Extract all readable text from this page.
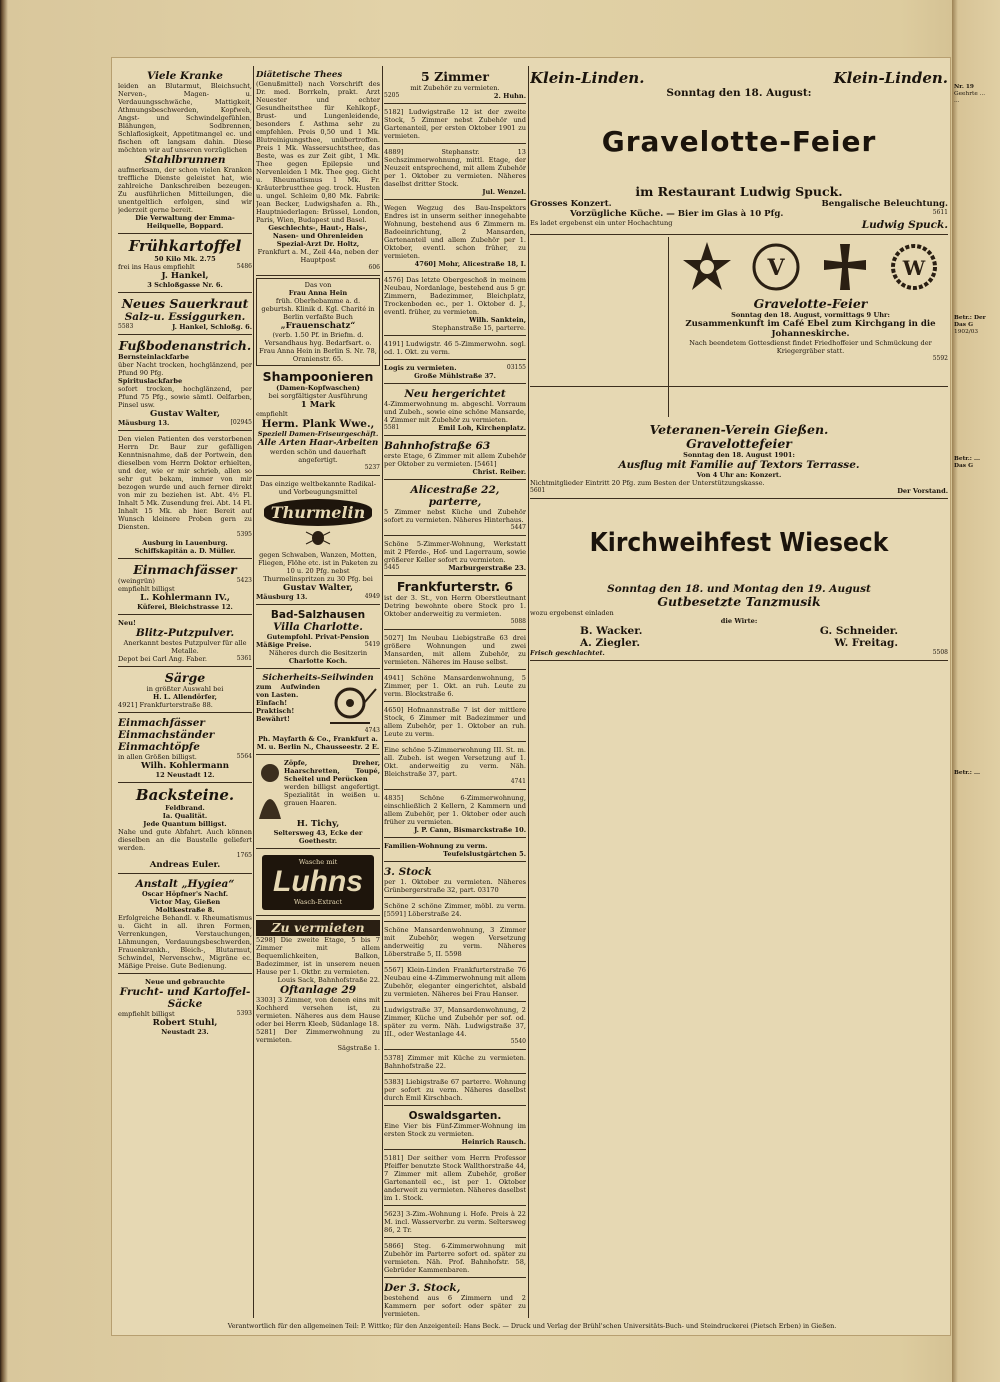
Viele Kranke

leiden an Blutarmut, Bleichsucht, Nerven-, Magen- u. Verdauungsschwäche, Mattigkeit, Athmungsbeschwerden, Kopfweh, Angst- und Schwindelgefühlen, Blähungen, Sodbrennen, Schlaflosigkeit, Appetitmangel ec. und fischen oft langsam dahin. Diese möchten wir auf unseren vorzüglichen

Stahlbrunnen

aufmerksam, der schon vielen Kranken treffliche Dienste geleistet hat, wie zahlreiche Dankschreiben bezeugen. Zu ausführlichen Mitteilungen, die unentgeltlich erfolgen, sind wir jederzeit gerne bereit.

Die Verwaltung der Emma-Heilquelle, Boppard.

Frühkartoffel

50 Kilo Mk. 2.75

frei ins Haus empfiehlt	5486

J. Hankel,

3 Schloßgasse Nr. 6.

Neues Sauerkraut

Salz-u. Essiggurken.

5583	J. Hankel, Schloßg. 6.

Fußbodenanstrich.

Bernsteinlackfarbe

über Nacht trocken, hochglänzend, per Pfund 90 Pfg.

Spirituslackfarbe

sofort trocken, hochglänzend, per Pfund 75 Pfg., sowie sämtl. Oelfarben, Pinsel usw.

Gustav Walter,

Mäusburg 13.	[02945

Den vielen Patienten des verstorbenen Herrn Dr. Baur zur gefälligen Kenntnisnahme, daß der Portwein, den dieselben vom Herrn Doktor erhielten, und der, wie er mir schrieb, allen so sehr gut bekam, immer von mir bezogen wurde und auch ferner direkt von mir zu beziehen ist. Abt. 4½ Fl. Inhalt 5 Mk. Zusendung frei. Abt. 14 Fl. Inhalt 15 Mk. ab hier. Bereit auf Wunsch kleinere Proben gern zu Diensten.

5395

Ausburg in Lauenburg. Schiffskapitän a. D. Müller.

Einmachfässer

(weingrün)	5423

empfiehlt billigst

L. Kohlermann IV.,

Küferei, Bleichstrasse 12.

Neu!

Blitz-Putzpulver.

Anerkannt bestes Putzpulver für alle Metalle.

Depot bei Carl Ang. Faber.	5361

Särge

in größter Auswahl bei

H. L. Allendörfer,

4921] Frankfurterstraße 88.

Einmachfässer

Einmachständer

Einmachtöpfe

in allen Größen billigst.	5564

Wilh. Kohlermann

12 Neustadt 12.

Backsteine.

Feldbrand.

Ia. Qualität.

Jede Quantum billigst.

Nahe und gute Abfahrt. Auch können dieselben an die Baustelle geliefert werden.

1765

Andreas Euler.

Anstalt „Hygiea“

Oscar Höpfner's Nachf.

Victor May, Gießen

Moltkestraße 8.

Erfolgreiche Behandl. v. Rheumatismus u. Gicht in all. ihren Formen, Verrenkungen, Verstauchungen, Lähmungen, Verdauungsbeschwerden, Frauenkrankh., Bleich-, Blutarmut, Schwindel, Nervenschw., Migräne ec. Mäßige Preise. Gute Bedienung.

Neue und gebrauchte

Frucht- und Kartoffel-Säcke

empfiehlt billigst	5393

Robert Stuhl,

Neustadt 23.

Diätetische Thees

(Genußmittel) nach Vorschrift des Dr. med. Borrkeln, prakt. Arzt Neuester und echter Gesundheitsthee für Kehlkopf-, Brust- und Lungenleidende, besonders f. Asthma sehr zu empfehlen. Preis 0,50 und 1 Mk. Blutreinigungsthee, unübertroffen. Preis 1 Mk. Wassersuchtsthee, das Beste, was es zur Zeit gibt, 1 Mk. Thee gegen Epilepsie und Nervenleiden 1 Mk. Thee geg. Gicht u. Rheumatismus 1 Mk. Fr. Kräuterbrustthee geg. trock. Husten u. ungel. Schleim 0,80 Mk. Fabrik: Jean Becker, Ludwigshafen a. Rh., Hauptniederlagen: Brüssel, London, Paris, Wien, Budapest und Basel.

Geschlechts-, Haut-, Hals-, Nasen- und Ohrenleiden

Spezial-Arzt Dr. Holtz,

Frankfurt a. M., Zeil 44a, neben der Hauptpost

606

Das von

Frau Anna Hein

früh. Oberhebamme a. d. geburtsh. Klinik d. Kgl. Charité in Berlin verfaßte Buch

„Frauenschatz“

(verb. 1.50 Pf. in Briefm. d. Versandhaus hyg. Bedarfsart. o. Frau Anna Hein in Berlin S. Nr. 78, Oranienstr. 65.

Shampoonieren

(Damen-Kopfwaschen)

bei sorgfältigster Ausführung

1 Mark

empfiehlt

Herm. Plank Wwe.,

Speziell Damen-Friseurgeschäft.

Alle Arten Haar-Arbeiten

werden schön und dauerhaft angefertigt.

5237

Das einzige weltbekannte Radikal- und Vorbeugungsmittel

Thurmelin

gegen Schwaben, Wanzen, Motten, Fliegen, Flöhe etc. ist in Paketen zu 10 u. 20 Pfg. nebst Thurmelinspritzen zu 30 Pfg. bei

Gustav Walter,

Mäusburg 13.	4949

Bad-Salzhausen

Villa Charlotte.

Gutempfohl. Privat-Pension

Mäßige Preise.	5419

Näheres durch die Besitzerin

Charlotte Koch.

Sicherheits-Seilwinden

zum Aufwinden von Lasten.

Einfach!

Praktisch!

Bewährt!

4743

Ph. Mayfarth & Co., Frankfurt a. M. u. Berlin N., Chausseestr. 2 E.

Zöpfe, Dreher, Haarschretten, Toupé, Scheitel und Perücken

werden billigst angefertigt. Spezialität in weißen u. grauen Haaren.

H. Tichy,

Seltersweg 43, Ecke der Goethestr.

Wasche mit
Luhns
Wasch-Extract

Zu vermieten

5298] Die zweite Etage, 5 bis 7 Zimmer mit allem Bequemlichkeiten, Balkon, Badezimmer, ist in unserem neuen Hause per 1. Oktbr. zu vermieten.

Louis Sack, Bahnhofstraße 22.

Oftanlage 29

3303] 3 Zimmer, von denen eins mit Kochherd versehen ist, zu vermieten. Näheres aus dem Hause oder bei Herrn Kleeb, Südanlage 18.

5281] Der Zimmerwohnung zu vermieten.

Sägstraße 1.

5 Zimmer

mit Zubehör zu vermieten.

5205	2. Huhn.

5182] Ludwigstraße 12 ist der zweite Stock, 5 Zimmer nebst Zubehör und Gartenanteil, per ersten Oktober 1901 zu vermieten.

4889] Stephanstr. 13 Sechszimmerwohnung, mittl. Etage, der Neuzeit entsprechend, mit allem Zubehör per 1. Oktober zu vermieten. Näheres daselbst dritter Stock.

Jul. Wenzel.

Wegen Wegzug des Bau-Inspektors Endres ist in unserm seither innegehabte Wohnung, bestehend aus 6 Zimmern m. Badeeinrichtung, 2 Mansarden, Gartenanteil und allem Zubehör per 1. Oktober, eventl. schon früher, zu vermieten.

4760] Mohr, Alicestraße 18, I.

4576] Das letzte Obergeschoß in meinem Neubau, Nordanlage, bestehend aus 5 gr. Zimmern, Badezimmer, Bleichplatz, Trockenboden ec., per 1. Oktober d. J., eventl. früher, zu vermieten.

Wilh. Sanktein,

Stephanstraße 15, parterre.

4191] Ludwigstr. 46 5-Zimmerwohn. sogl. od. 1. Okt. zu verm.

Logis zu vermieten.	03155

Große Mühlstraße 37.

Neu hergerichtet

4-Zimmerwohnung m. abgeschl. Vorraum und Zubeh., sowie eine schöne Mansarde, 4 Zimmer mit Zubehör zu vermieten.

5581	Emil Loh, Kirchenplatz.

Bahnhofstraße 63

erste Etage, 6 Zimmer mit allem Zubehör per Oktober zu vermieten. [5461]

Christ. Reiber.

Alicestraße 22, parterre,

5 Zimmer nebst Küche und Zubehör sofort zu vermieten. Näheres Hinterhaus.

5447

Schöne 5-Zimmer-Wohnung, Werkstatt mit 2 Pferde-, Hof- und Lagerraum, sowie größerer Keller sofort zu vermieten.

5445	Marburgerstraße 23.

Frankfurterstr. 6

ist der 3. St., von Herrn Oberstleutnant Detring bewohnte obere Stock pro 1. Oktober anderweitig zu vermieten.

5088

5027] Im Neubau Liebigstraße 63 drei größere Wohnungen und zwei Mansarden, mit allem Zubehör, zu vermieten. Näheres im Hause selbst.

4941] Schöne Mansardenwohnung, 5 Zimmer, per 1. Okt. an ruh. Leute zu verm. Blockstraße 6.

4650] Hofmannstraße 7 ist der mittlere Stock, 6 Zimmer mit Badezimmer und allem Zubehör, per 1. Oktober an ruh. Leute zu verm.

Eine schöne 5-Zimmerwohnung III. St. m. all. Zubeh. ist wegen Versetzung auf 1. Okt. anderweitig zu verm. Näh. Bleichstraße 37, part.

4741

4835] Schöne 6-Zimmerwohnung, einschließlich 2 Kellern, 2 Kammern und allem Zubehör, per 1. Oktober oder auch früher zu vermieten.

J. P. Cann, Bismarckstraße 10.

Familien-Wohnung zu verm.

Teufelslustgärtchen 5.

3. Stock

per 1. Oktober zu vermieten. Näheres Grünbergerstraße 32, part. 03170

Schöne 2 schöne Zimmer, möbl. zu verm. [5591] Löberstraße 24.

Schöne Mansardenwohnung, 3 Zimmer mit Zubehör, wegen Versetzung anderweitig zu verm. Näheres Löberstraße 5, II. 5598

5567] Klein-Linden Frankfurterstraße 76 Neubau eine 4-Zimmerwohnung mit allem Zubehör, eleganter eingerichtet, alsbald zu vermieten. Näheres bei Frau Hanser.

Ludwigstraße 37, Mansardenwohnung, 2 Zimmer, Küche und Zubehör per sof. od. später zu verm. Näh. Ludwigstraße 37, III., oder Westanlage 44.

5540

5378] Zimmer mit Küche zu vermieten. Bahnhofstraße 22.

5383] Liebigstraße 67 parterre. Wohnung per sofort zu verm. Näheres daselbst durch Emil Kirschbach.

Oswaldsgarten.

Eine Vier bis Fünf-Zimmer-Wohnung im ersten Stock zu vermieten.

Heinrich Rausch.

5181] Der seither vom Herrn Professor Pfeiffer benutzte Stock Wallthorstraße 44, 7 Zimmer mit allem Zubehör, großer Gartenanteil ec., ist per 1. Oktober anderweit zu vermieten. Näheres daselbst im 1. Stock.

5623] 3-Zim.-Wohnung i. Hofe. Preis à 22 M. incl. Wasserverbr. zu verm. Seltersweg 86, 2 Tr.

5866] Steg. 6-Zimmerwohnung mit Zubehör im Parterre sofort od. später zu vermieten. Näh. Prof. Bahnhofstr. 58, Gebrüder Kammenbaren.

Der 3. Stock,

bestehend aus 6 Zimmern und 2 Kammern per sofort oder später zu vermieten.

Klein-Linden.	Klein-Linden.

Sonntag den 18. August:

Gravelotte-Feier

im Restaurant Ludwig Spuck.

Grosses Konzert.	Bengalische Beleuchtung.
Vorzügliche Küche. — Bier im Glas à 10 Pfg.	5611
Es ladet ergebenst ein unter Hochachtung	Ludwig Spuck.
V	W

Gravelotte-Feier

Sonntag den 18. August, vormittags 9 Uhr:

Zusammenkunft im Café Ebel zum Kirchgang in die Johanneskirche.

Nach beendetem Gottesdienst findet Friedhoffeier und Schmückung der Kriegergräber statt.

5592

Veteranen-Verein Gießen.

Gravelottefeier

Sonntag den 18. August 1901:

Ausflug mit Familie auf Textors Terrasse.

Von 4 Uhr an: Konzert.

Nichtmitglieder Eintritt 20 Pfg. zum Besten der Unterstützungskasse.

5601	Der Vorstand.

Kirchweihfest Wieseck

Sonntag den 18. und Montag den 19. August

Gutbesetzte Tanzmusik

wozu ergebenst einladen

die Wirte:

B. Wacker.	G. Schneider.
A. Ziegler.	W. Freitag.
Frisch geschlachtet.	5508
Verantwortlich für den allgemeinen Teil: P. Wittko; für den Anzeigenteil: Hans Beck. — Druck und Verlag der Brühl'schen Universitäts-Buch- und Steindruckerei (Pietsch Erben) in Gießen.

Nr. 19

Geehrte ...

...

Betr.: Der

Das G

1902/03

Betr.: ...

Das G

Betr.: ...
